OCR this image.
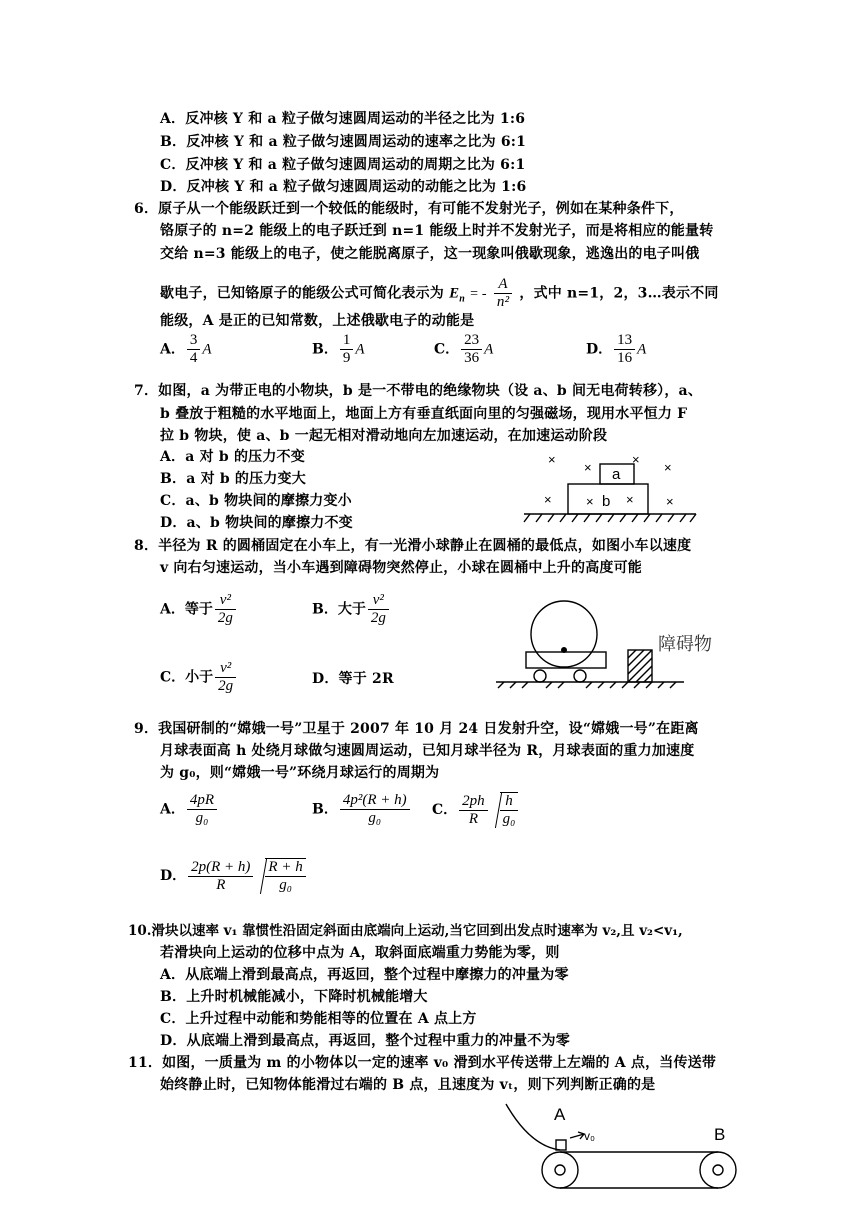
A．反冲核 Y 和 a 粒子做匀速圆周运动的半径之比为 1:6
B．反冲核 Y 和 a 粒子做匀速圆周运动的速率之比为 6:1
C．反冲核 Y 和 a 粒子做匀速圆周运动的周期之比为 6:1
D．反冲核 Y 和 a 粒子做匀速圆周运动的动能之比为 1:6
6．原子从一个能级跃迁到一个较低的能级时，有可能不发射光子，例如在某种条件下，
铬原子的 n=2 能级上的电子跃迁到 n=1 能级上时并不发射光子，而是将相应的能量转
交给 n=3 能级上的电子，使之能脱离原子，这一现象叫俄歇现象，逃逸出的电子叫俄
歇电子，已知铬原子的能级公式可简化表示为 $E_n$ = - $\frac{A}{\text{n²}}$ ，式中 n=1，2，3…表示不同
能级，A 是正的已知常数，上述俄歇电子的动能是
A． $\frac{3}{4}$ A	B． $\frac{1}{9}$ A	C． $\frac{23}{36}$ A	D． $\frac{13}{16}$ A
7．如图，a 为带正电的小物块，b 是一不带电的绝缘物块（设 a、b 间无电荷转移），a、
b 叠放于粗糙的水平地面上，地面上方有垂直纸面向里的匀强磁场，现用水平恒力 F
拉 b 物块，使 a、b 一起无相对滑动地向左加速运动，在加速运动阶段
A．a 对 b 的压力不变
B．a 对 b 的压力变大
C．a、b 物块间的摩擦力变小
D．a、b 物块间的摩擦力不变
a
b
×
×
×
×
×	× × ×
8．半径为 R 的圆桶固定在小车上，有一光滑小球静止在圆桶的最低点，如图小车以速度
v 向右匀速运动，当小车遇到障碍物突然停止，小球在圆桶中上升的高度可能
A．等于 $\frac{\text{v²}}{2g}$	B．大于 $\frac{\text{v²}}{2g}$
C．小于 $\frac{\text{v²}}{2g}$	D．等于 2R
障碍物
9．我国研制的“嫦娥一号”卫星于 2007 年 10 月 24 日发射升空，设“嫦娥一号”在距离
月球表面高 h 处绕月球做匀速圆周运动，已知月球半径为 R，月球表面的重力加速度
为 g₀，则“嫦娥一号”环绕月球运行的周期为
A． $\frac{4pR}{\text{g₀}}$	B． $\frac{\text{4p²(R + h)}}{\text{g₀}}$ C． $\frac{2ph}{R} \frac{h}{\text{g₀}}$
D． $\frac{2p(R + h)}{R} \frac{R + h}{\text{g₀}}$
10.滑块以速率 v₁ 靠惯性沿固定斜面由底端向上运动,当它回到出发点时速率为 v₂,且 v₂<v₁,
若滑块向上运动的位移中点为 A，取斜面底端重力势能为零，则
A．从底端上滑到最高点，再返回，整个过程中摩擦力的冲量为零
B．上升时机械能减小，下降时机械能增大
C．上升过程中动能和势能相等的位置在 A 点上方
D．从底端上滑到最高点，再返回，整个过程中重力的冲量不为零
11．如图，一质量为 m 的小物体以一定的速率 v₀ 滑到水平传送带上左端的 A 点，当传送带
始终静止时，已知物体能滑过右端的 B 点，且速度为 vₜ，则下列判断正确的是
A
B
v₀
